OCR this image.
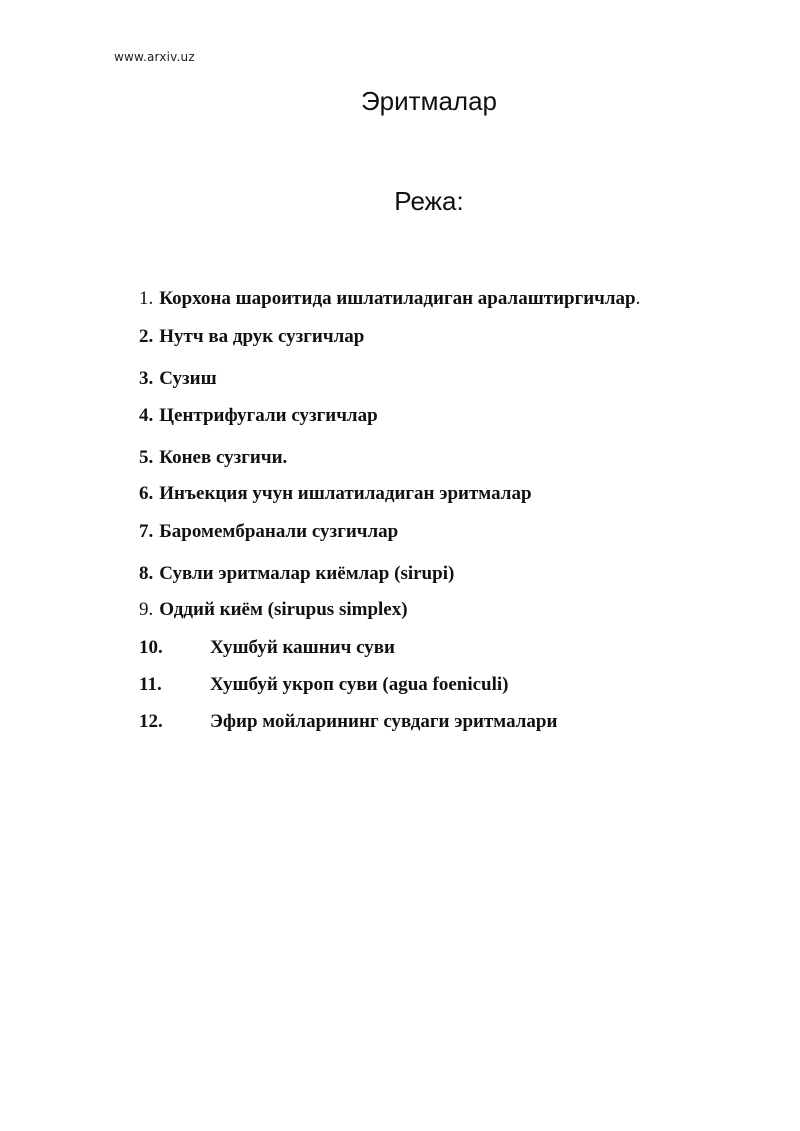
www.arxiv.uz
Эритмалар
Режа:
1. Корхона шароитида ишлатиладиган аралаштиргичлар.
2. Нутч ва друк сузгичлар
3. Сузиш
4. Центрифугали сузгичлар
5. Конев сузгичи.
6. Инъекция учун ишлатиладиган эритмалар
7. Баромембранали сузгичлар
8. Сувли эритмалар киёмлар (sirupi)
9. Оддий киём (sirupus simplex)
10. Хушбуй кашнич суви
11.	Хушбуй укроп суви (agua foeniculi)
12. Эфир мойларининг сувдаги эритмалари
